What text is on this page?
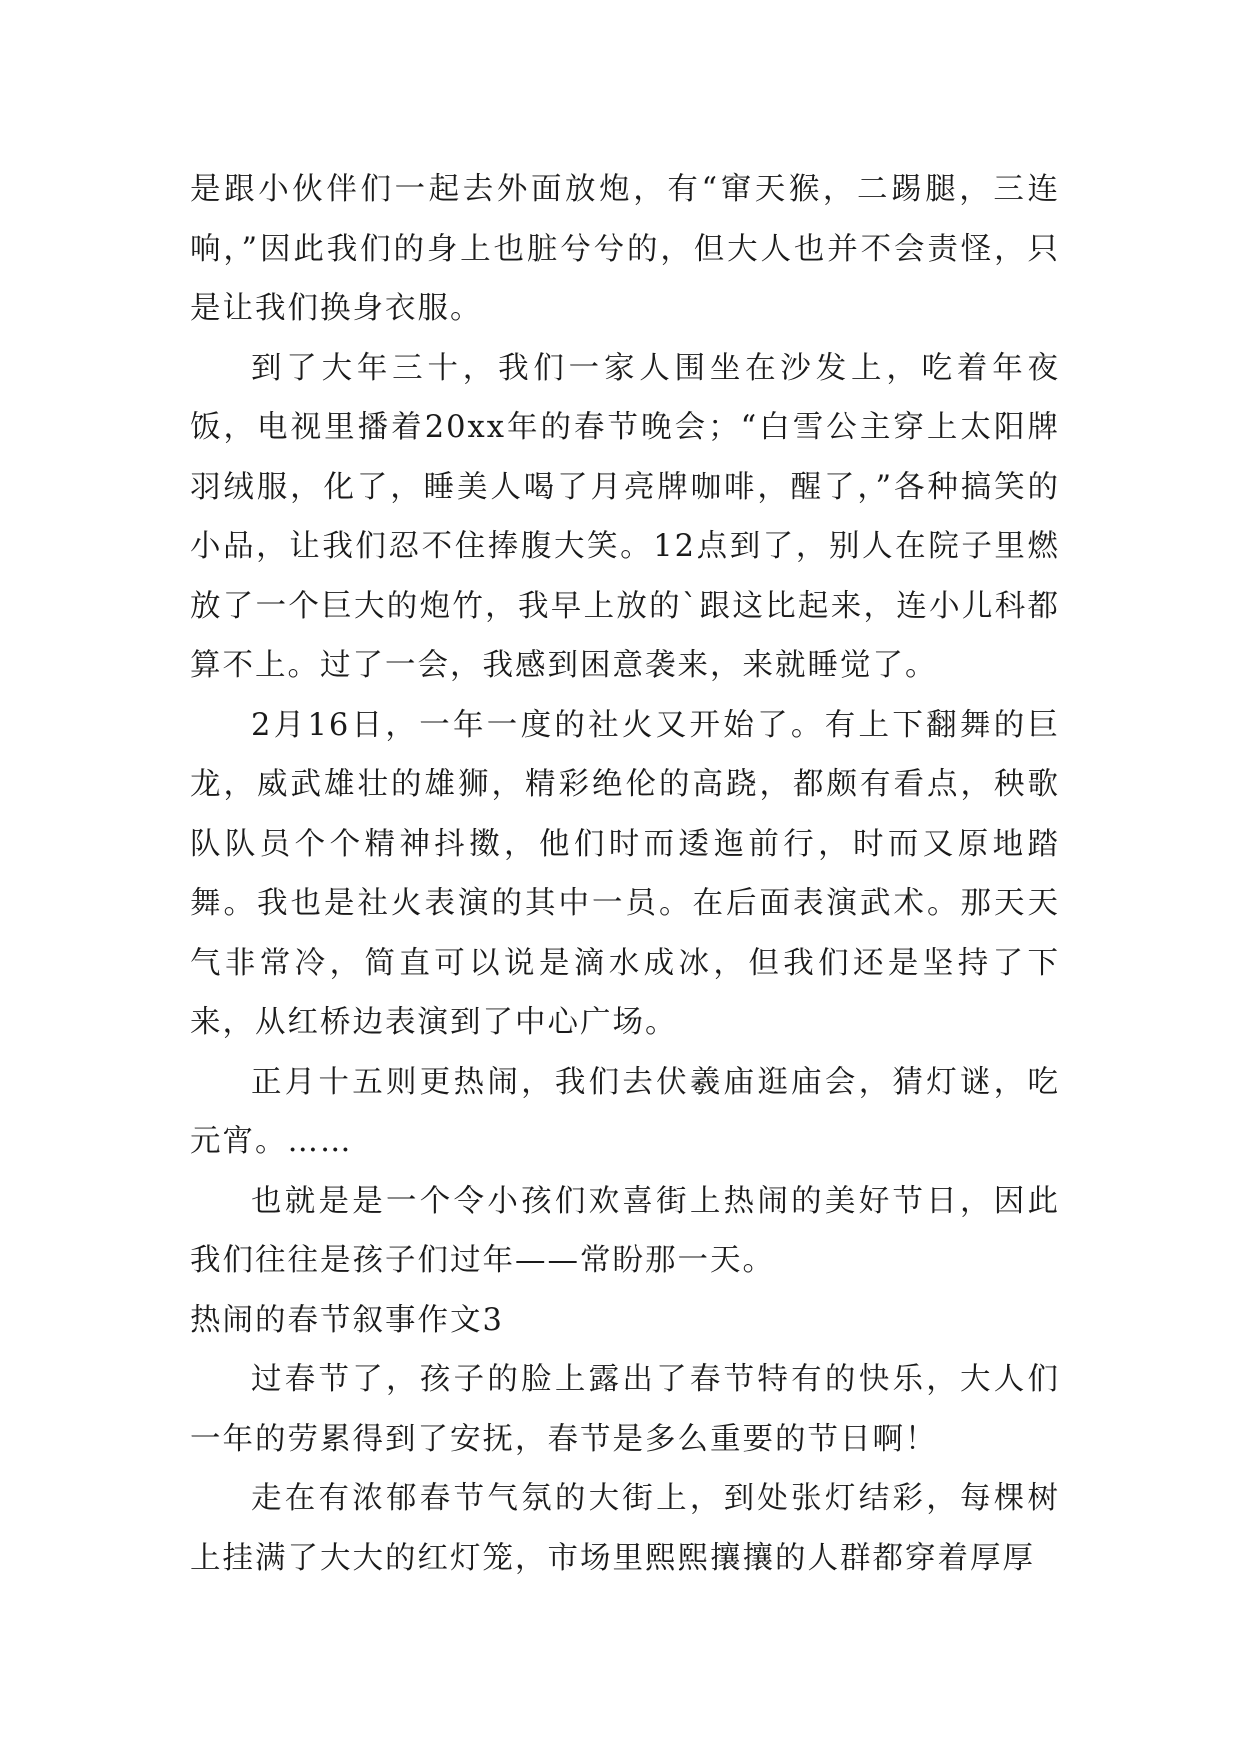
是跟小伙伴们一起去外面放炮，有“窜天猴，二踢腿，三连响，”因此我们的身上也脏兮兮的，但大人也并不会责怪，只是让我们换身衣服。

到了大年三十，我们一家人围坐在沙发上，吃着年夜饭，电视里播着20xx年的春节晚会；“白雪公主穿上太阳牌羽绒服，化了，睡美人喝了月亮牌咖啡，醒了，”各种搞笑的小品，让我们忍不住捧腹大笑。12点到了，别人在院子里燃放了一个巨大的炮竹，我早上放的`跟这比起来，连小儿科都算不上。过了一会，我感到困意袭来，来就睡觉了。

2月16日，一年一度的社火又开始了。有上下翻舞的巨龙，威武雄壮的雄狮，精彩绝伦的高跷，都颇有看点，秧歌队队员个个精神抖擞，他们时而逶迤前行，时而又原地踏舞。我也是社火表演的其中一员。在后面表演武术。那天天气非常冷，简直可以说是滴水成冰，但我们还是坚持了下来，从红桥边表演到了中心广场。

正月十五则更热闹，我们去伏羲庙逛庙会，猜灯谜，吃元宵。……

也就是是一个令小孩们欢喜街上热闹的美好节日，因此我们往往是孩子们过年——常盼那一天。

热闹的春节叙事作文3

过春节了，孩子的脸上露出了春节特有的快乐，大人们一年的劳累得到了安抚，春节是多么重要的节日啊！

走在有浓郁春节气氛的大街上，到处张灯结彩，每棵树上挂满了大大的红灯笼，市场里熙熙攘攘的人群都穿着厚厚
